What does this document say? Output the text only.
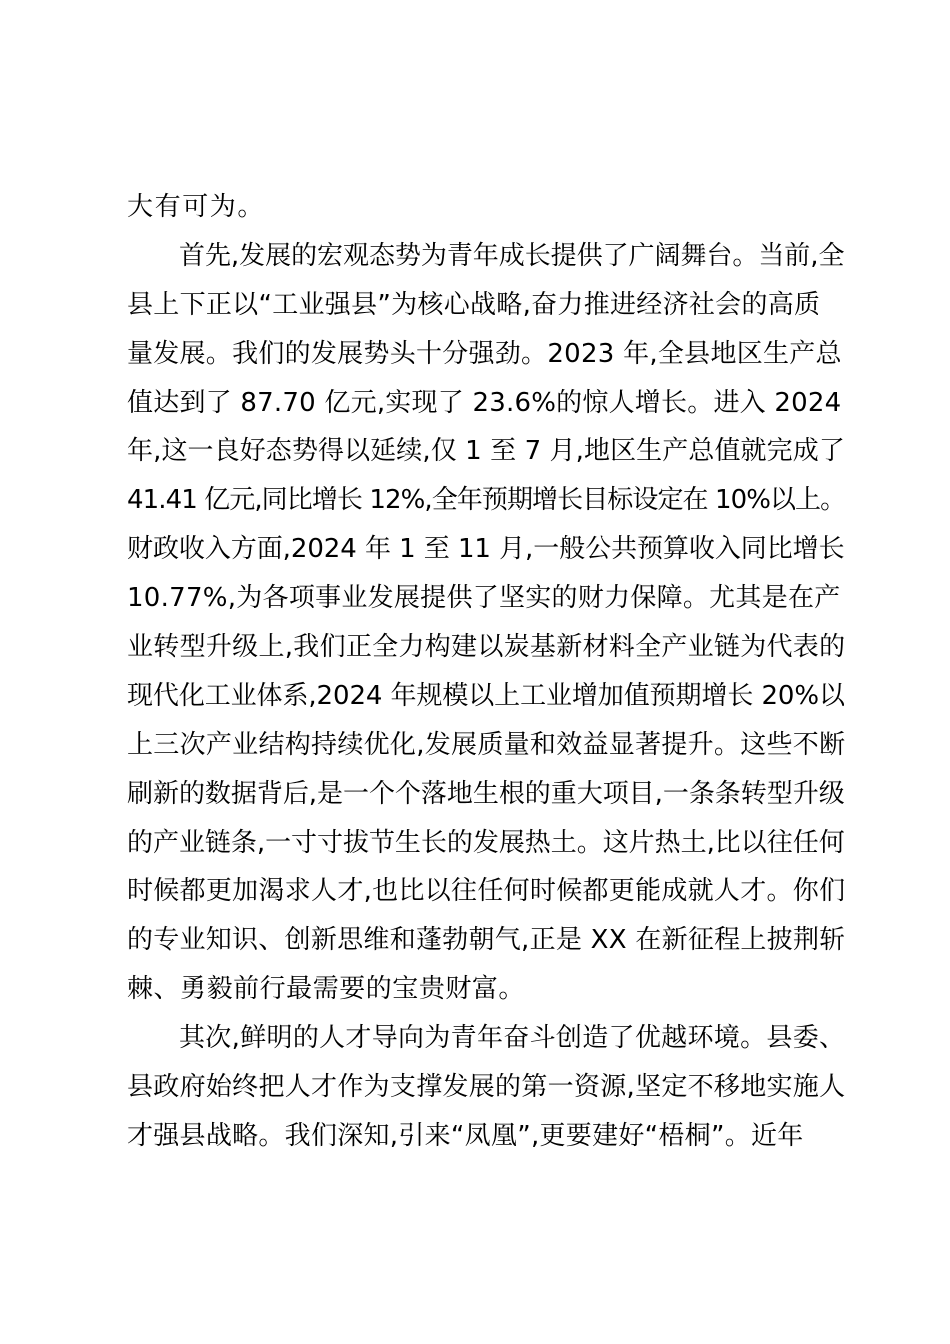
大有可为。
首先,发展的宏观态势为青年成长提供了广阔舞台。当前,全
县上下正以“工业强县”为核心战略,奋力推进经济社会的高质
量发展。我们的发展势头十分强劲。2023 年,全县地区生产总
值达到了 87.70 亿元,实现了 23.6%的惊人增长。进入 2024
年,这一良好态势得以延续,仅 1 至 7 月,地区生产总值就完成了
41.41 亿元,同比增长 12%,全年预期增长目标设定在 10%以上。
财政收入方面,2024 年 1 至 11 月,一般公共预算收入同比增长
10.77%,为各项事业发展提供了坚实的财力保障。尤其是在产
业转型升级上,我们正全力构建以炭基新材料全产业链为代表的
现代化工业体系,2024 年规模以上工业增加值预期增长 20%以
上三次产业结构持续优化,发展质量和效益显著提升。这些不断
刷新的数据背后,是一个个落地生根的重大项目,一条条转型升级
的产业链条,一寸寸拔节生长的发展热土。这片热土,比以往任何
时候都更加渴求人才,也比以往任何时候都更能成就人才。你们
的专业知识、创新思维和蓬勃朝气,正是 XX 在新征程上披荆斩
棘、勇毅前行最需要的宝贵财富。
其次,鲜明的人才导向为青年奋斗创造了优越环境。县委、
县政府始终把人才作为支撑发展的第一资源,坚定不移地实施人
才强县战略。我们深知,引来“凤凰”,更要建好“梧桐”。近年
